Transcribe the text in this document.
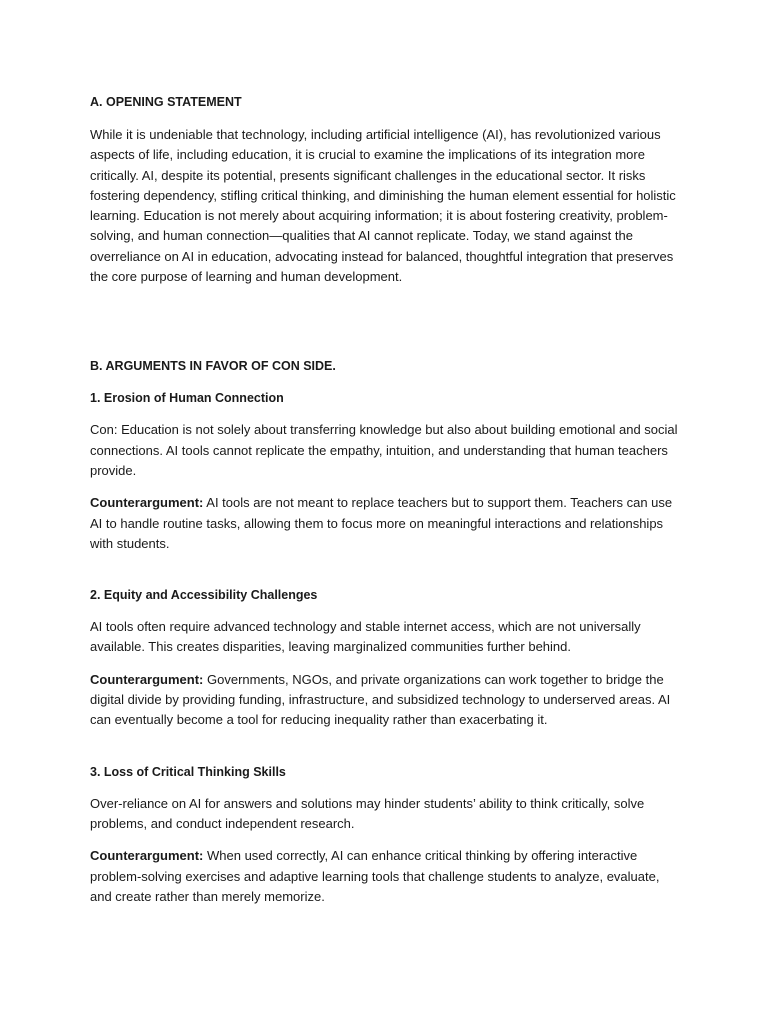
A. OPENING STATEMENT

While it is undeniable that technology, including artificial intelligence (AI), has revolutionized various aspects of life, including education, it is crucial to examine the implications of its integration more critically. AI, despite its potential, presents significant challenges in the educational sector. It risks fostering dependency, stifling critical thinking, and diminishing the human element essential for holistic learning. Education is not merely about acquiring information; it is about fostering creativity, problem-solving, and human connection—qualities that AI cannot replicate. Today, we stand against the overreliance on AI in education, advocating instead for balanced, thoughtful integration that preserves the core purpose of learning and human development.

B. ARGUMENTS IN FAVOR OF CON SIDE.
1. Erosion of Human Connection

Con: Education is not solely about transferring knowledge but also about building emotional and social connections. AI tools cannot replicate the empathy, intuition, and understanding that human teachers provide.

Counterargument: AI tools are not meant to replace teachers but to support them. Teachers can use AI to handle routine tasks, allowing them to focus more on meaningful interactions and relationships with students.

2. Equity and Accessibility Challenges

AI tools often require advanced technology and stable internet access, which are not universally available. This creates disparities, leaving marginalized communities further behind.

Counterargument: Governments, NGOs, and private organizations can work together to bridge the digital divide by providing funding, infrastructure, and subsidized technology to underserved areas. AI can eventually become a tool for reducing inequality rather than exacerbating it.

3. Loss of Critical Thinking Skills

Over-reliance on AI for answers and solutions may hinder students’ ability to think critically, solve problems, and conduct independent research.

Counterargument: When used correctly, AI can enhance critical thinking by offering interactive problem-solving exercises and adaptive learning tools that challenge students to analyze, evaluate, and create rather than merely memorize.
